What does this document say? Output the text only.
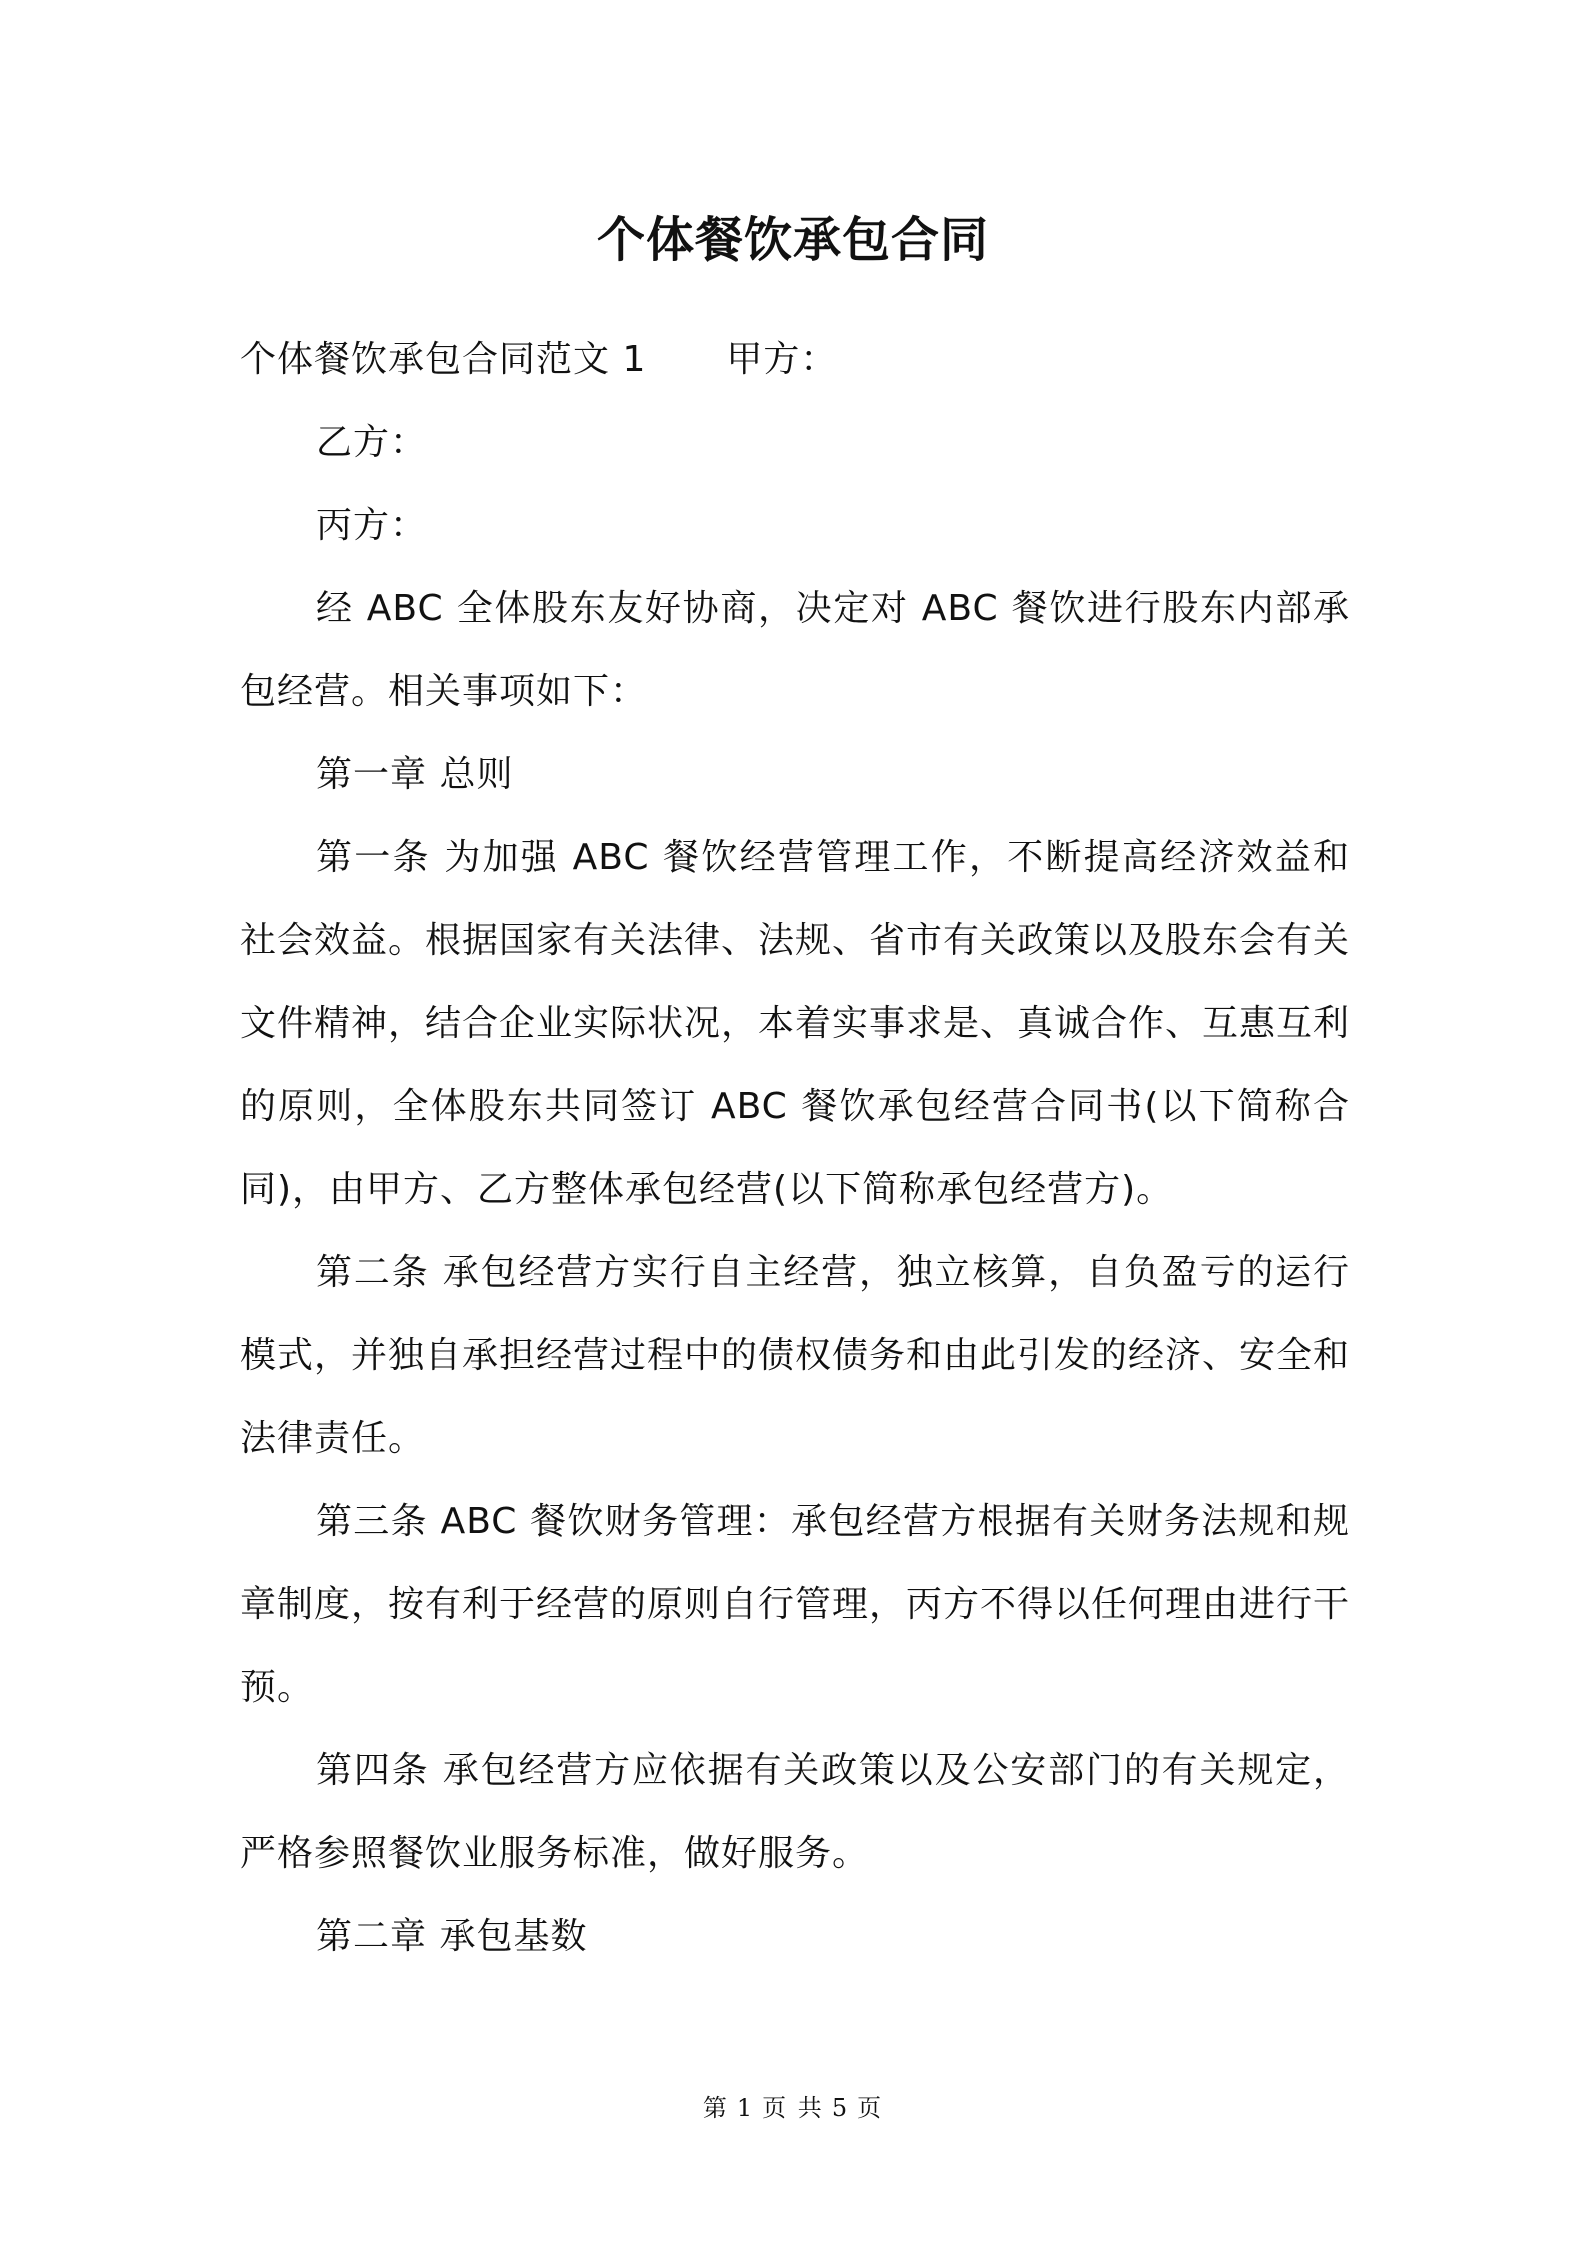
个体餐饮承包合同

个体餐饮承包合同范文 1 甲方：

乙方：

丙方：

经 ABC 全体股东友好协商，决定对 ABC 餐饮进行股东内部承包经营。相关事项如下：

第一章 总则

第一条 为加强 ABC 餐饮经营管理工作，不断提高经济效益和社会效益。根据国家有关法律、法规、省市有关政策以及股东会有关文件精神，结合企业实际状况，本着实事求是、真诚合作、互惠互利的原则，全体股东共同签订 ABC 餐饮承包经营合同书(以下简称合同)，由甲方、乙方整体承包经营(以下简称承包经营方)。

第二条 承包经营方实行自主经营，独立核算，自负盈亏的运行模式，并独自承担经营过程中的债权债务和由此引发的经济、安全和法律责任。

第三条 ABC 餐饮财务管理：承包经营方根据有关财务法规和规章制度，按有利于经营的原则自行管理，丙方不得以任何理由进行干预。

第四条 承包经营方应依据有关政策以及公安部门的有关规定，严格参照餐饮业服务标准，做好服务。

第二章 承包基数

第 1 页 共 5 页
